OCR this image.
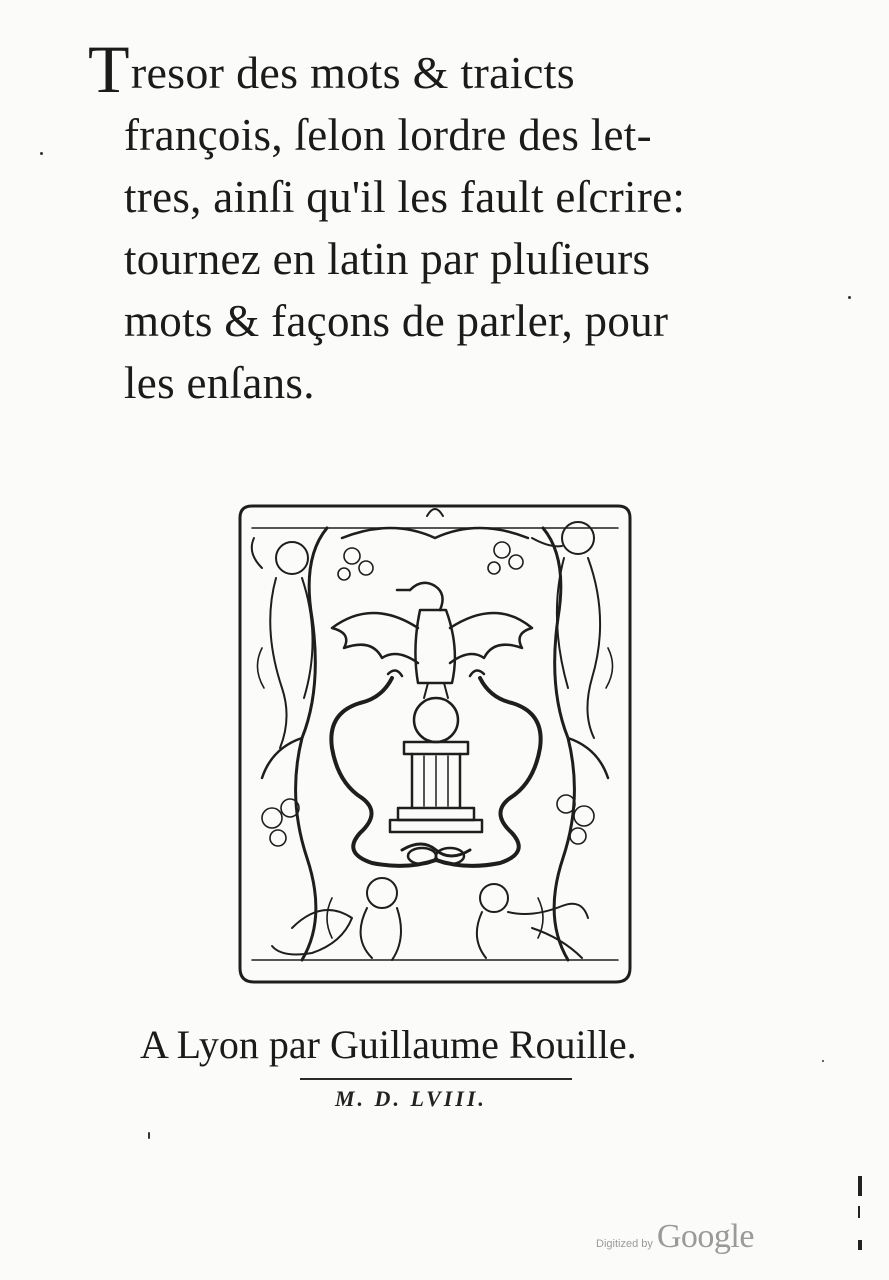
Tresor des mots & traicts
françois, ſelon lordre des let-
tres, ainſi qu'il les fault eſcrire:
tournez en latin par pluſieurs
mots & façons de parler, pour
les enſans.
A Lyon par Guillaume Rouille.
M. D. LVIII.
Digitized by Google
